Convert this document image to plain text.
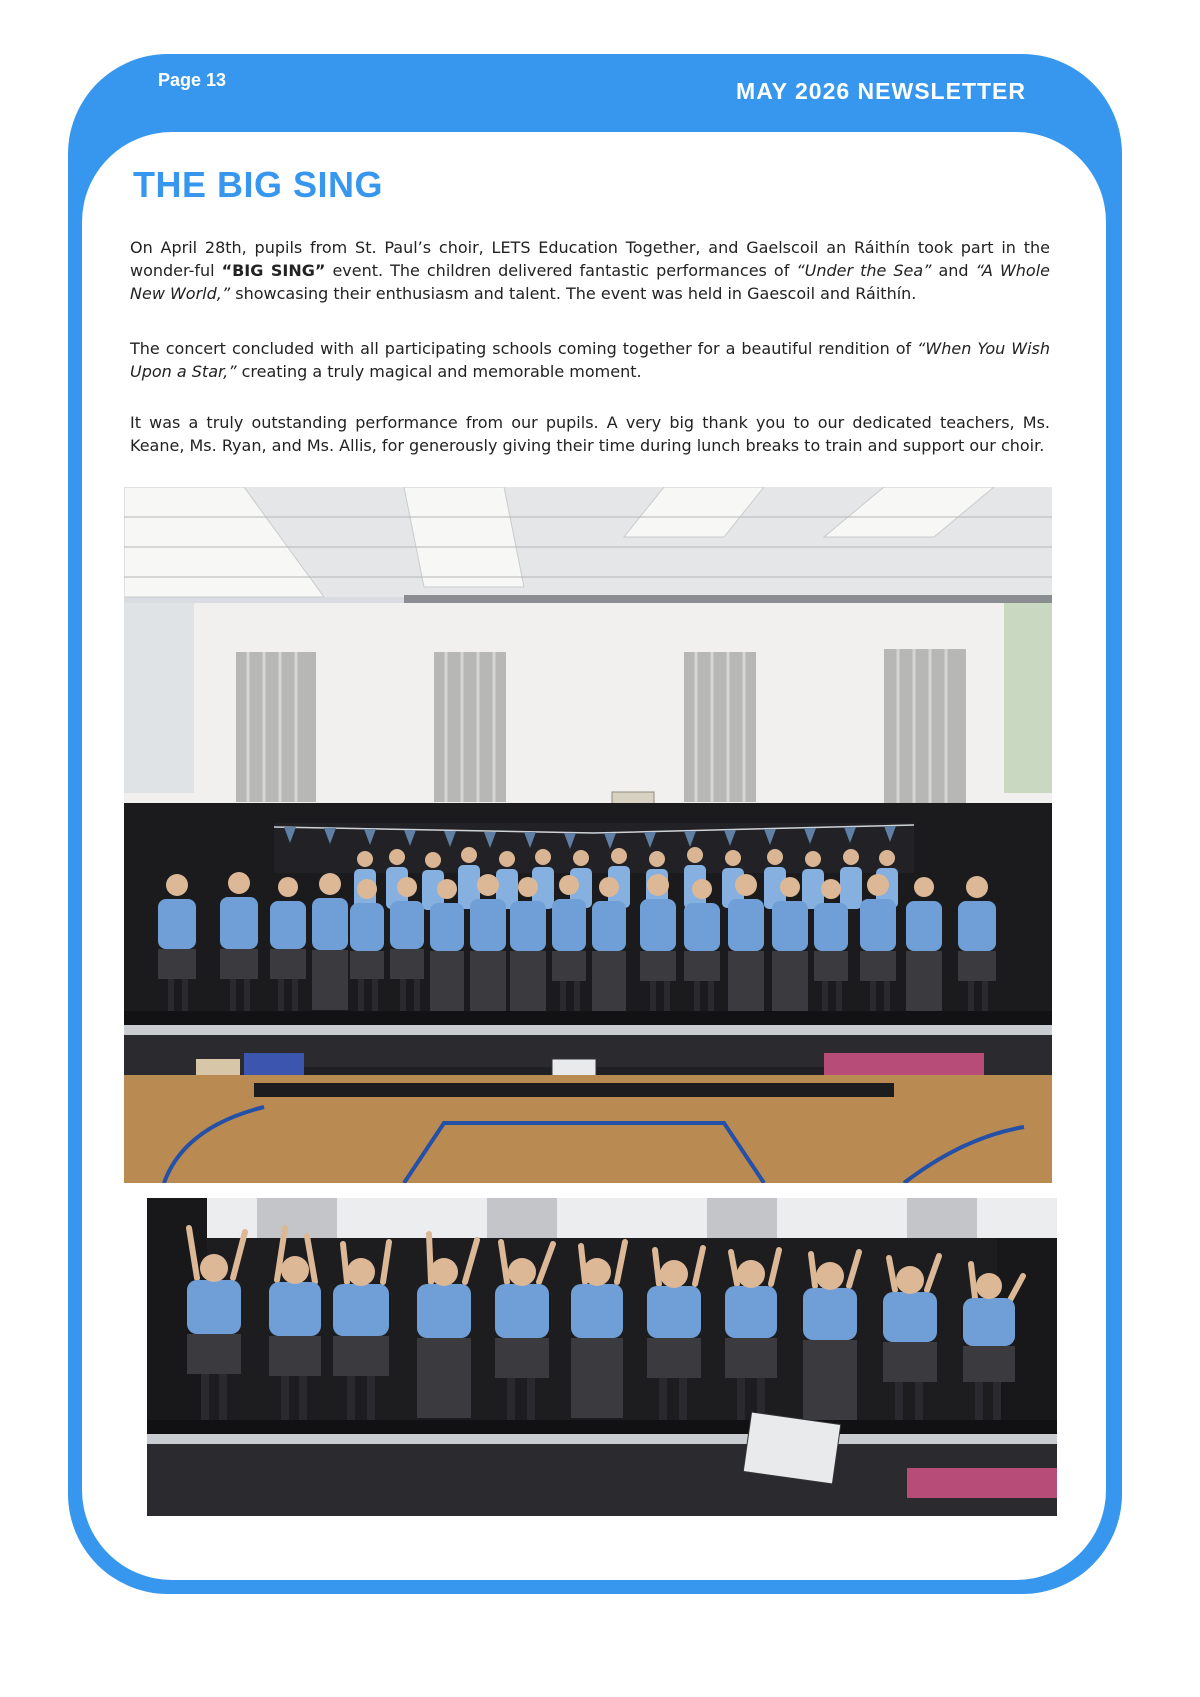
Page 13	MAY 2026 NEWSLETTER
THE BIG SING

On April 28th, pupils from St. Paul’s choir, LETS Education Together, and Gaelscoil an Ráithín took part in the wonder-ful “BIG SING” event. The children delivered fantastic performances of “Under the Sea” and “A Whole New World,” showcasing their enthusiasm and talent. The event was held in Gaescoil and Ráithín.

The concert concluded with all participating schools coming together for a beautiful rendition of “When You Wish Upon a Star,” creating a truly magical and memorable moment.

It was a truly outstanding performance from our pupils. A very big thank you to our dedicated teachers, Ms. Keane, Ms. Ryan, and Ms. Allis, for generously giving their time during lunch breaks to train and support our choir.
